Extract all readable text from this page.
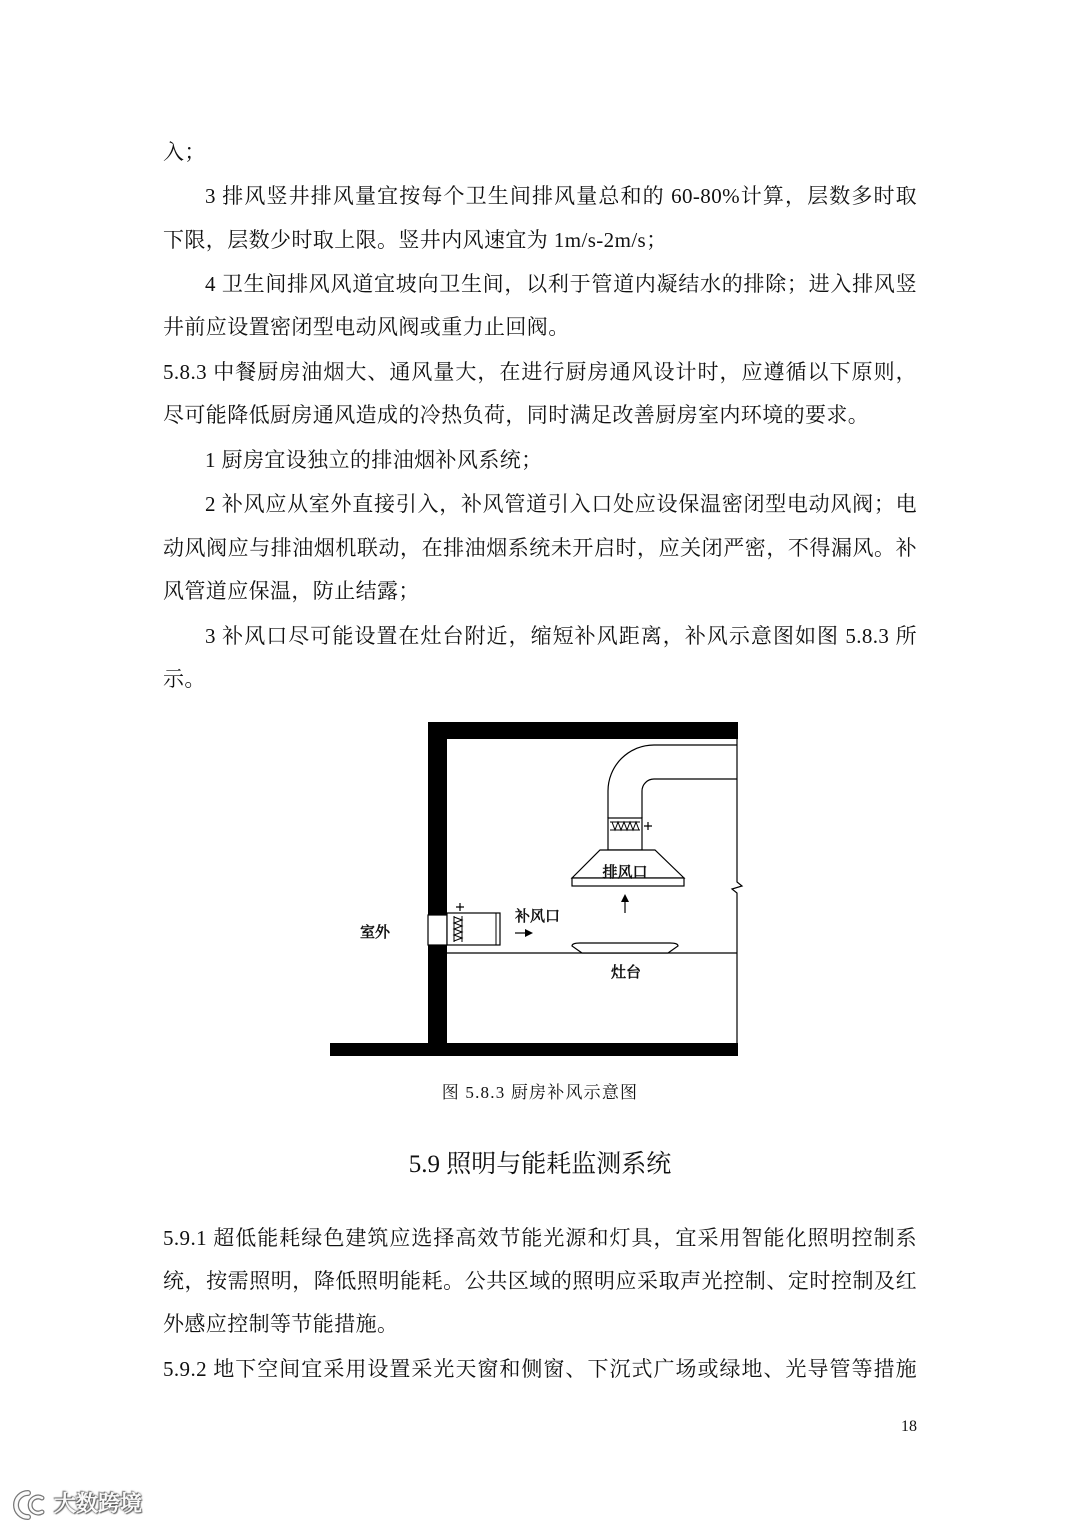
入；
3 排风竖井排风量宜按每个卫生间排风量总和的 60-80%计算，层数多时取
下限，层数少时取上限。竖井内风速宜为 1m/s-2m/s；
4 卫生间排风风道宜坡向卫生间，以利于管道内凝结水的排除；进入排风竖
井前应设置密闭型电动风阀或重力止回阀。
5.8.3 中餐厨房油烟大、通风量大，在进行厨房通风设计时，应遵循以下原则，
尽可能降低厨房通风造成的冷热负荷，同时满足改善厨房室内环境的要求。
1 厨房宜设独立的排油烟补风系统；
2 补风应从室外直接引入，补风管道引入口处应设保温密闭型电动风阀；电
动风阀应与排油烟机联动，在排油烟系统未开启时，应关闭严密，不得漏风。补
风管道应保温，防止结露；
3 补风口尽可能设置在灶台附近，缩短补风距离，补风示意图如图 5.8.3 所
示。
排风口
补风口
室外
灶台
图 5.8.3 厨房补风示意图
5.9 照明与能耗监测系统
5.9.1 超低能耗绿色建筑应选择高效节能光源和灯具，宜采用智能化照明控制系
统，按需照明，降低照明能耗。公共区域的照明应采取声光控制、定时控制及红
外感应控制等节能措施。
5.9.2 地下空间宜采用设置采光天窗和侧窗、下沉式广场或绿地、光导管等措施
18
大数跨境
